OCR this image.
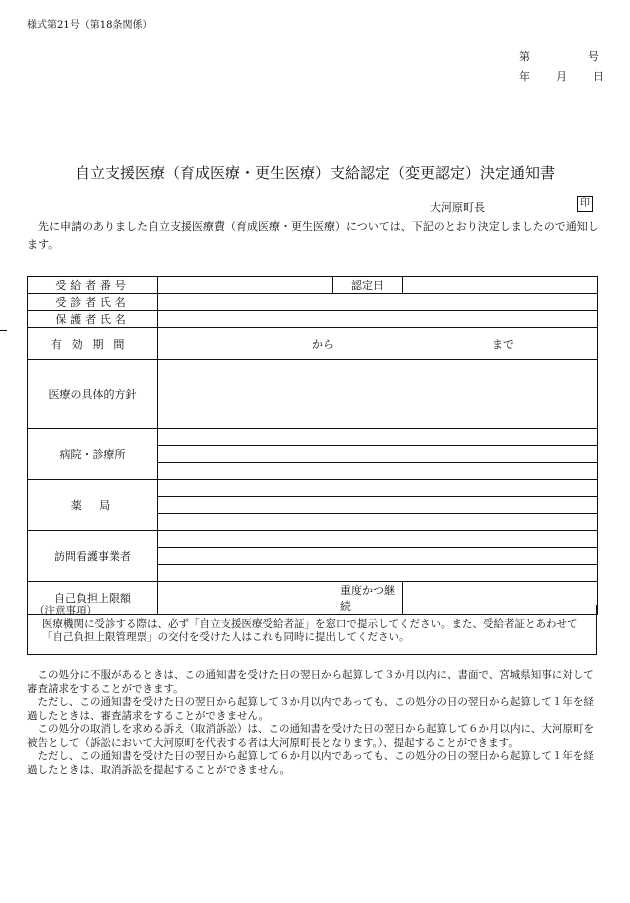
様式第21号（第18条関係）
第	号
年 月 日
自立支援医療（育成医療・更生医療）支給認定（変更認定）決定通知書
大河原町長	印

先に申請のありました自立支援医療費（育成医療・更生医療）については、下記のとおり決定しましたので通知します。

受給者番号		認定日	
受診者氏名			
保護者氏名			
有効期間	から まで		
医療の具体的方針			
病院・診療所			

薬局			

訪問看護事業者			

自己負担上限額	重度かつ継続		

（注意事項）

医療機関に受診する際は、必ず「自立支援医療受給者証」を窓口で提示してください。また、受給者証とあわせて「自己負担上限管理票」の交付を受けた人はこれも同時に提出してください。

この処分に不服があるときは、この通知書を受けた日の翌日から起算して３か月以内に、書面で、宮城県知事に対して審査請求をすることができます。

ただし、この通知書を受けた日の翌日から起算して３か月以内であっても、この処分の日の翌日から起算して１年を経過したときは、審査請求をすることができません。

この処分の取消しを求める訴え（取消訴訟）は、この通知書を受けた日の翌日から起算して６か月以内に、大河原町を被告として（訴訟において大河原町を代表する者は大河原町長となります。）、提起することができます。

ただし、この通知書を受けた日の翌日から起算して６か月以内であっても、この処分の日の翌日から起算して１年を経過したときは、取消訴訟を提起することができません。
